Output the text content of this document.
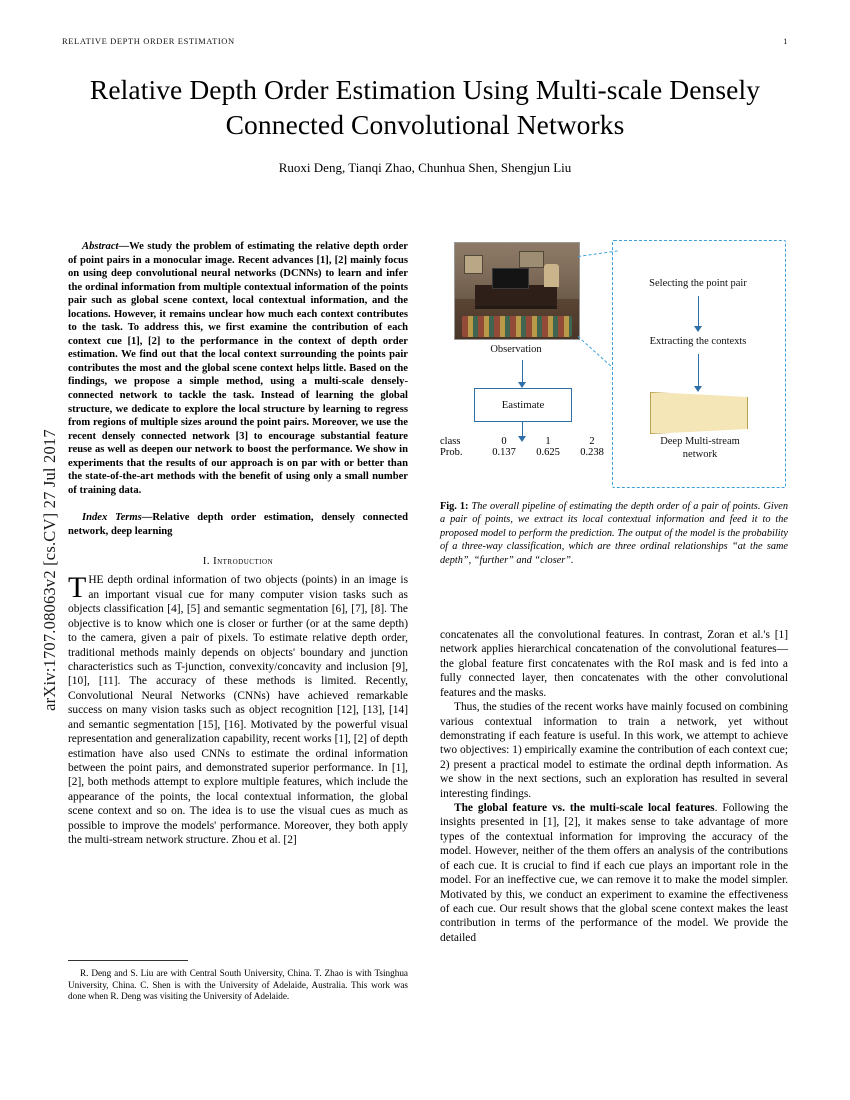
arXiv:1707.08063v2 [cs.CV] 27 Jul 2017
RELATIVE DEPTH ORDER ESTIMATION	1
Relative Depth Order Estimation Using Multi-scale Densely Connected Convolutional Networks
Ruoxi Deng, Tianqi Zhao, Chunhua Shen, Shengjun Liu

Abstract—We study the problem of estimating the relative depth order of point pairs in a monocular image. Recent advances [1], [2] mainly focus on using deep convolutional neural networks (DCNNs) to learn and infer the ordinal information from multiple contextual information of the points pair such as global scene context, local contextual information, and the locations. However, it remains unclear how much each context contributes to the task. To address this, we first examine the contribution of each context cue [1], [2] to the performance in the context of depth order estimation. We find out that the local context surrounding the points pair contributes the most and the global scene context helps little. Based on the findings, we propose a simple method, using a multi-scale densely-connected network to tackle the task. Instead of learning the global structure, we dedicate to explore the local structure by learning to regress from regions of multiple sizes around the point pairs. Moreover, we use the recent densely connected network [3] to encourage substantial feature reuse as well as deepen our network to boost the performance. We show in experiments that the results of our approach is on par with or better than the state-of-the-art methods with the benefit of using only a small number of training data.

Index Terms—Relative depth order estimation, densely connected network, deep learning

I. Introduction

THE depth ordinal information of two objects (points) in an image is an important visual cue for many computer vision tasks such as objects classification [4], [5] and semantic segmentation [6], [7], [8]. The objective is to know which one is closer or further (or at the same depth) to the camera, given a pair of pixels. To estimate relative depth order, traditional methods mainly depends on objects' boundary and junction characteristics such as T-junction, convexity/concavity and inclusion [9], [10], [11]. The accuracy of these methods is limited. Recently, Convolutional Neural Networks (CNNs) have achieved remarkable success on many vision tasks such as object recognition [12], [13], [14] and semantic segmentation [15], [16]. Motivated by the powerful visual representation and generalization capability, recent works [1], [2] of depth estimation have also used CNNs to estimate the ordinal information between the point pairs, and demonstrated superior performance. In [1], [2], both methods attempt to explore multiple features, which include the appearance of the points, the local contextual information, the global scene context and so on. The idea is to use the visual cues as much as possible to improve the models' performance. Moreover, they both apply the multi-stream network structure. Zhou et al. [2]

R. Deng and S. Liu are with Central South University, China. T. Zhao is with Tsinghua University, China. C. Shen is with the University of Adelaide, Australia. This work was done when R. Deng was visiting the University of Adelaide.
Observation
Selecting the point pair
Extracting the contexts
Deep Multi-stream
network
Eastimate
class	0	1	2
Prob.	0.137	0.625	0.238
Fig. 1: The overall pipeline of estimating the depth order of a pair of points. Given a pair of points, we extract its local contextual information and feed it to the proposed model to perform the prediction. The output of the model is the probability of a three-way classification, which are three ordinal relationships “at the same depth”, “further” and “closer”.

concatenates all the convolutional features. In contrast, Zoran et al.'s [1] network applies hierarchical concatenation of the convolutional features—the global feature first concatenates with the RoI mask and is fed into a fully connected layer, then concatenates with the other convolutional features and the masks.

Thus, the studies of the recent works have mainly focused on combining various contextual information to train a network, yet without demonstrating if each feature is useful. In this work, we attempt to achieve two objectives: 1) empirically examine the contribution of each context cue; 2) present a practical model to estimate the ordinal depth information. As we show in the next sections, such an exploration has resulted in several interesting findings.

The global feature vs. the multi-scale local features. Following the insights presented in [1], [2], it makes sense to take advantage of more types of the contextual information for improving the accuracy of the model. However, neither of the them offers an analysis of the contributions of each cue. It is crucial to find if each cue plays an important role in the model. For an ineffective cue, we can remove it to make the model simpler. Motivated by this, we conduct an experiment to examine the effectiveness of each cue. Our result shows that the global scene context makes the least contribution in terms of the performance of the model. We provide the detailed
